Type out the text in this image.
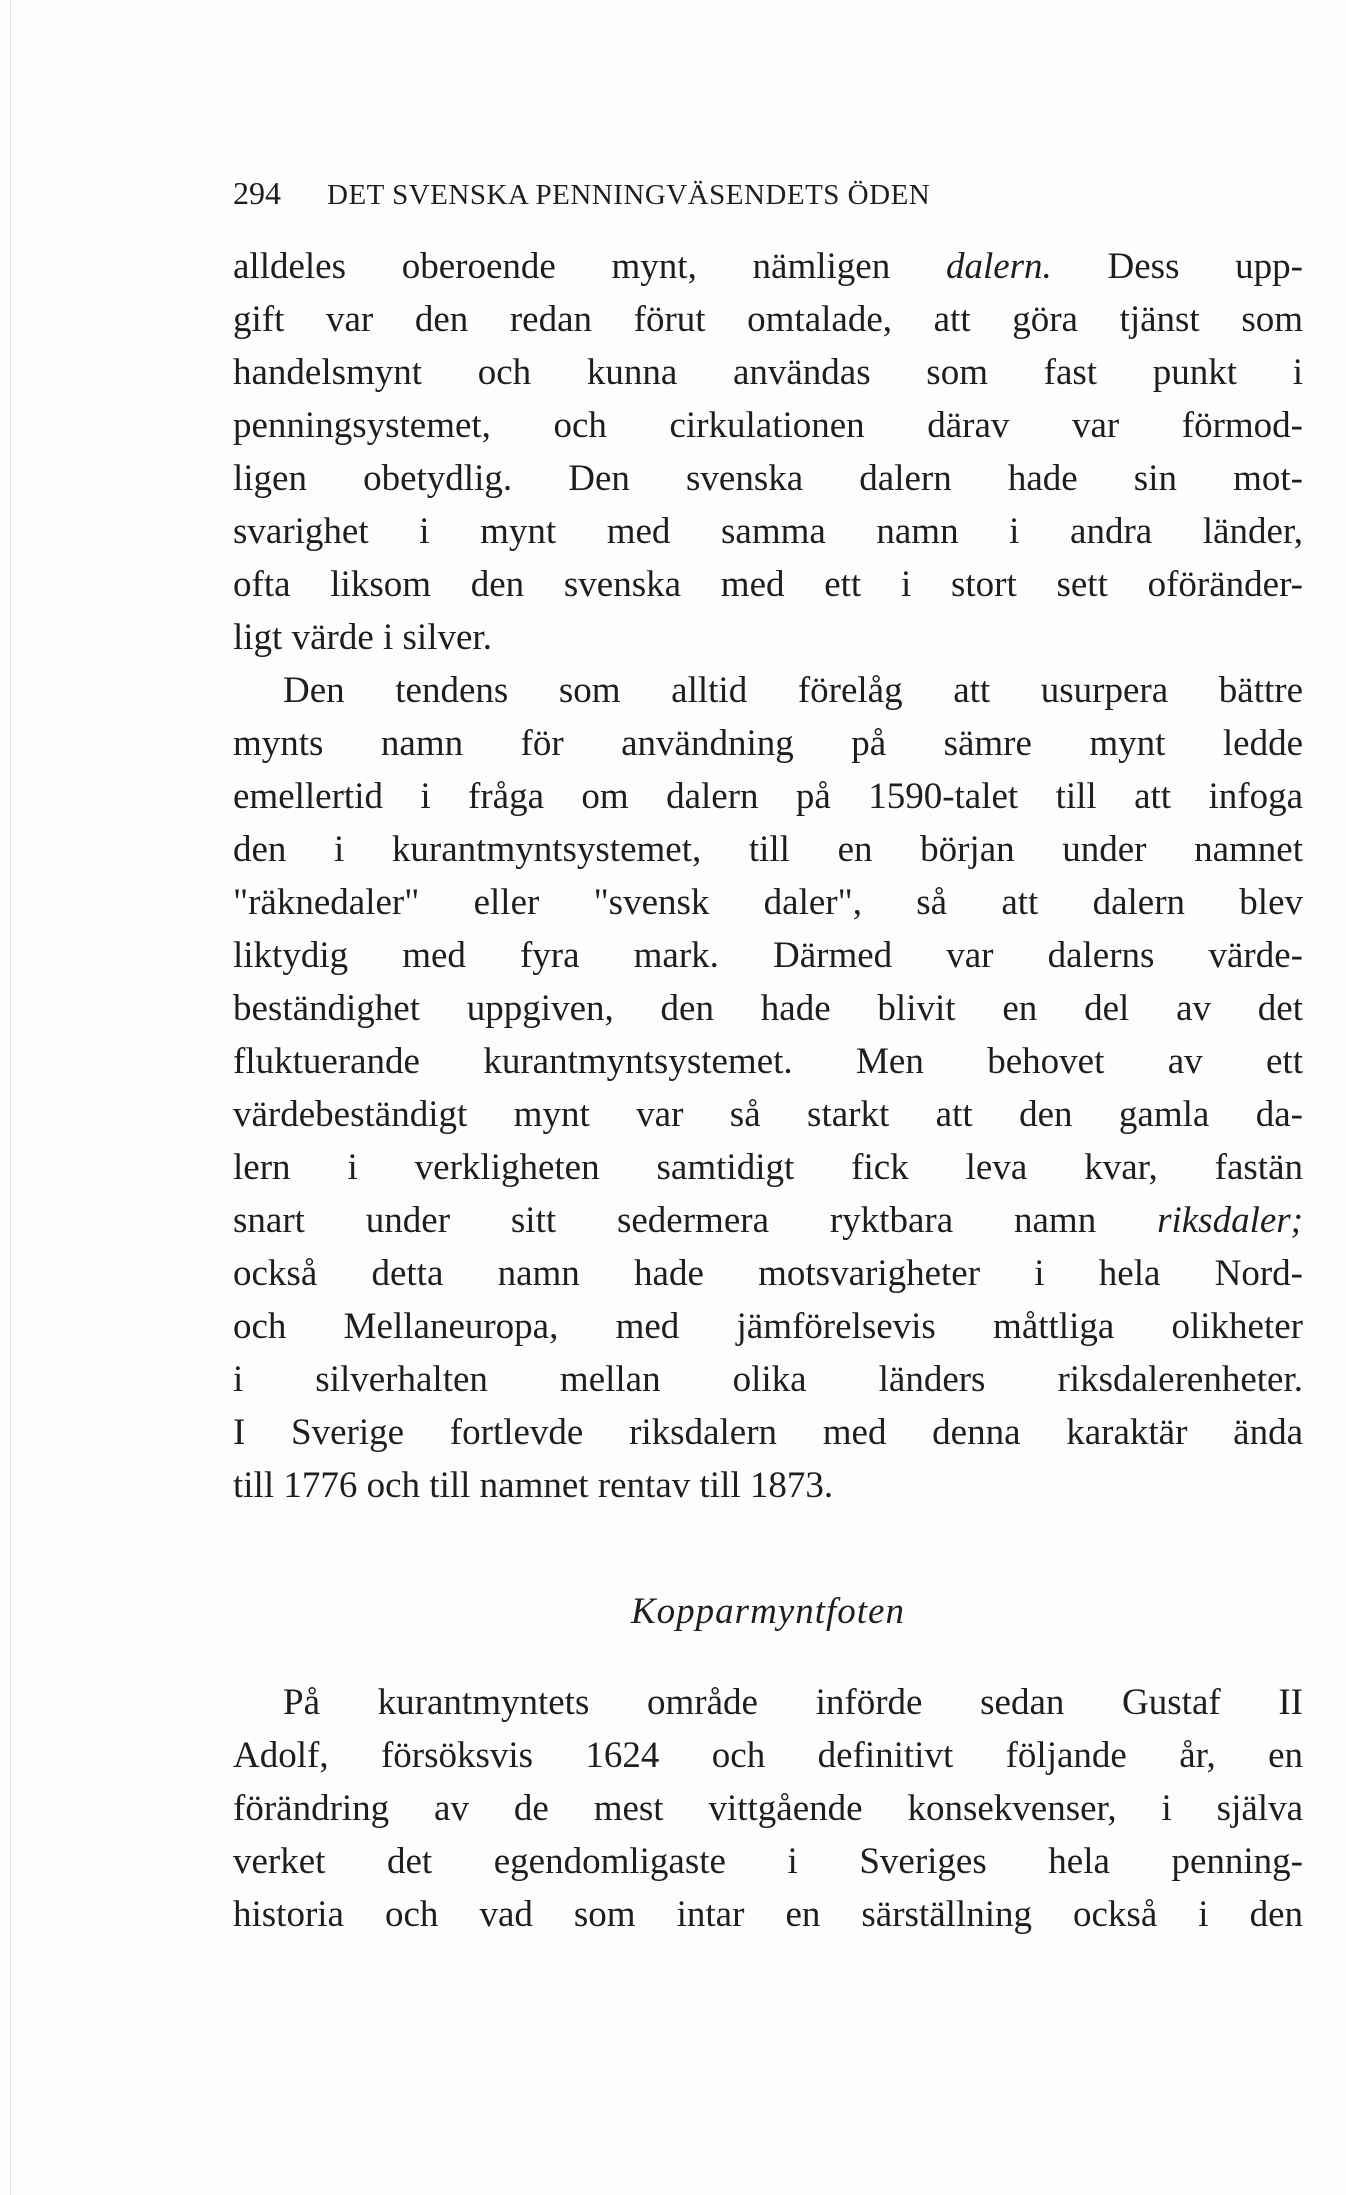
294 DET SVENSKA PENNINGVÄSENDETS ÖDEN
alldeles oberoende mynt, nämligen dalern. Dess upp-
gift var den redan förut omtalade, att göra tjänst som
handelsmynt och kunna användas som fast punkt i
penningsystemet, och cirkulationen därav var förmod-
ligen obetydlig. Den svenska dalern hade sin mot-
svarighet i mynt med samma namn i andra länder,
ofta liksom den svenska med ett i stort sett oföränder-
ligt värde i silver.
Den tendens som alltid förelåg att usurpera bättre
mynts namn för användning på sämre mynt ledde
emellertid i fråga om dalern på 1590-talet till att infoga
den i kurantmyntsystemet, till en början under namnet
"räknedaler" eller "svensk daler", så att dalern blev
liktydig med fyra mark. Därmed var dalerns värde-
beständighet uppgiven, den hade blivit en del av det
fluktuerande kurantmyntsystemet. Men behovet av ett
värdebeständigt mynt var så starkt att den gamla da-
lern i verkligheten samtidigt fick leva kvar, fastän
snart under sitt sedermera ryktbara namn riksdaler;
också detta namn hade motsvarigheter i hela Nord-
och Mellaneuropa, med jämförelsevis måttliga olikheter
i silverhalten mellan olika länders riksdalerenheter.
I Sverige fortlevde riksdalern med denna karaktär ända
till 1776 och till namnet rentav till 1873.
Kopparmyntfoten
På kurantmyntets område införde sedan Gustaf II
Adolf, försöksvis 1624 och definitivt följande år, en
förändring av de mest vittgående konsekvenser, i själva
verket det egendomligaste i Sveriges hela penning-
historia och vad som intar en särställning också i den
